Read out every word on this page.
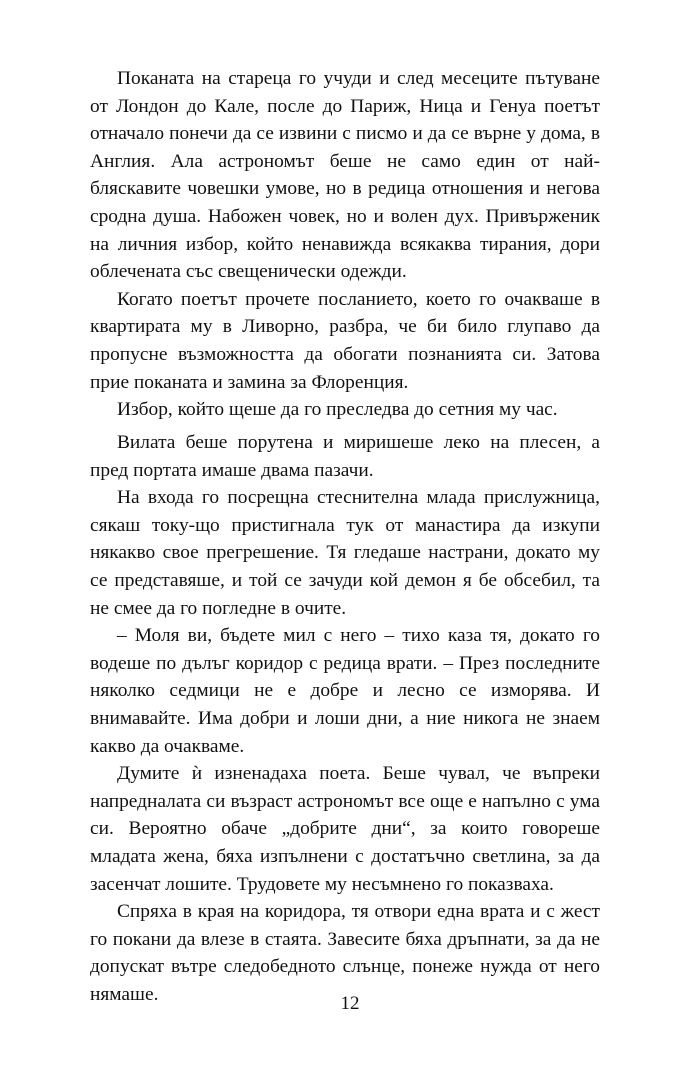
Поканата на стареца го учуди и след месеците пътуване от Лондон до Кале, после до Париж, Ница и Генуа поетът отначало понечи да се извини с писмо и да се върне у дома, в Англия. Ала астрономът беше не само един от най-бляскавите човешки умове, но в редица отношения и негова сродна душа. Набожен човек, но и волен дух. Привърженик на личния избор, който ненавижда всякаква тирания, дори облечената със свещенически одежди.

Когато поетът прочете посланието, което го очакваше в квартирата му в Ливорно, разбра, че би било глупаво да пропусне възможността да обогати познанията си. Затова прие поканата и замина за Флоренция.

Избор, който щеше да го преследва до сетния му час.

Вилата беше порутена и миришеше леко на плесен, а пред портата имаше двама пазачи.

На входа го посрещна стеснителна млада прислужница, сякаш току-що пристигнала тук от манастира да изкупи някакво свое прегрешение. Тя гледаше настрани, докато му се представяше, и той се зачуди кой демон я бе обсебил, та не смее да го погледне в очите.

– Моля ви, бъдете мил с него – тихо каза тя, докато го водеше по дълъг коридор с редица врати. – През последните няколко седмици не е добре и лесно се изморява. И внимавайте. Има добри и лоши дни, а ние никога не знаем какво да очакваме.

Думите ѝ изненадаха поета. Беше чувал, че въпреки напредналата си възраст астрономът все още е напълно с ума си. Вероятно обаче „добрите дни“, за които говореше младата жена, бяха изпълнени с достатъчно светлина, за да засенчат лошите. Трудовете му несъмнено го показваха.

Спряха в края на коридора, тя отвори една врата и с жест го покани да влезе в стаята. Завесите бяха дръпнати, за да не допускат вътре следобедното слънце, понеже нужда от него нямаше.	12
